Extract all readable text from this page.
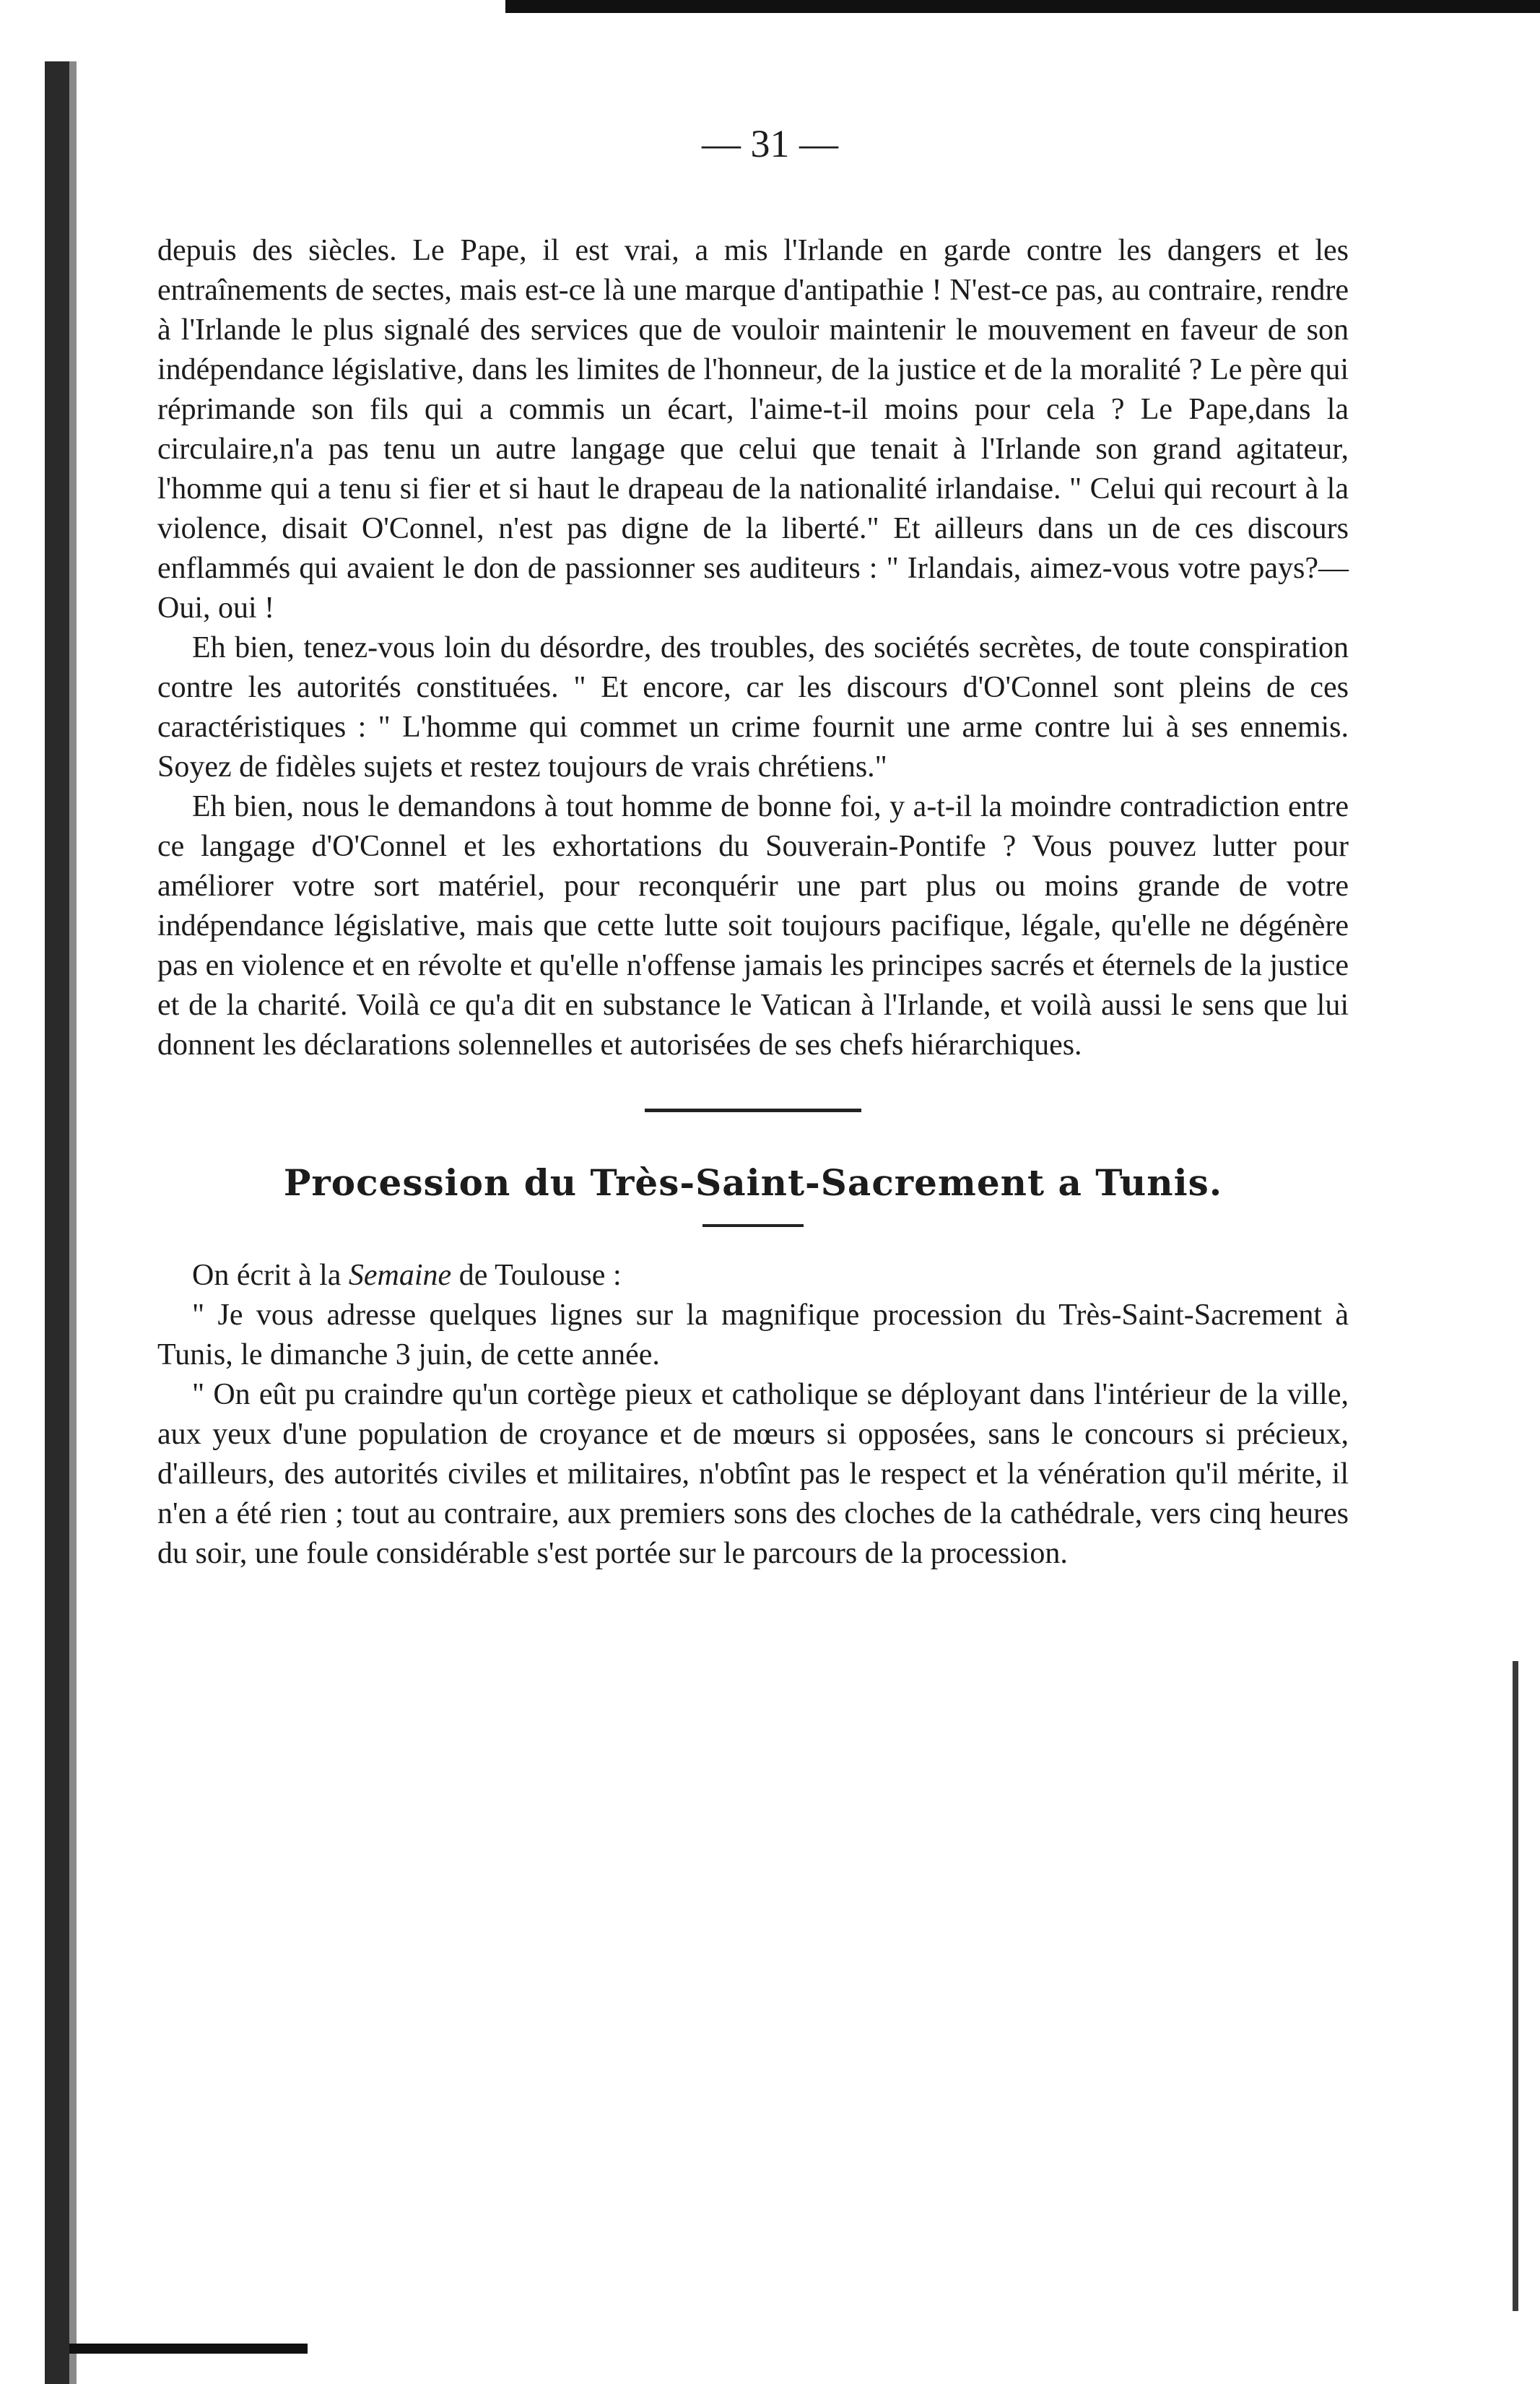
— 31 —

depuis des siècles. Le Pape, il est vrai, a mis l'Irlande en garde contre les dangers et les entraînements de sectes, mais est-ce là une marque d'antipathie ! N'est-ce pas, au contraire, rendre à l'Irlande le plus signalé des services que de vouloir maintenir le mouvement en faveur de son indépendance législative, dans les limites de l'honneur, de la justice et de la moralité ? Le père qui réprimande son fils qui a commis un écart, l'aime-t-il moins pour cela ? Le Pape,dans la circulaire,n'a pas tenu un autre langage que celui que tenait à l'Irlande son grand agitateur, l'homme qui a tenu si fier et si haut le drapeau de la nationalité irlandaise. " Celui qui recourt à la violence, disait O'Connel, n'est pas digne de la liberté." Et ailleurs dans un de ces discours enflammés qui avaient le don de passionner ses auditeurs : " Irlandais, aimez-vous votre pays?—Oui, oui !

Eh bien, tenez-vous loin du désordre, des troubles, des sociétés secrètes, de toute conspiration contre les autorités constituées. " Et encore, car les discours d'O'Connel sont pleins de ces caractéristiques : " L'homme qui commet un crime fournit une arme contre lui à ses ennemis. Soyez de fidèles sujets et restez toujours de vrais chrétiens."

Eh bien, nous le demandons à tout homme de bonne foi, y a-t-il la moindre contradiction entre ce langage d'O'Connel et les exhortations du Souverain-Pontife ? Vous pouvez lutter pour améliorer votre sort matériel, pour reconquérir une part plus ou moins grande de votre indépendance législative, mais que cette lutte soit toujours pacifique, légale, qu'elle ne dégénère pas en violence et en révolte et qu'elle n'offense jamais les principes sacrés et éternels de la justice et de la charité. Voilà ce qu'a dit en substance le Vatican à l'Irlande, et voilà aussi le sens que lui donnent les déclarations solennelles et autorisées de ses chefs hiérarchiques.

Procession du Très-Saint-Sacrement a Tunis.

On écrit à la Semaine de Toulouse :

" Je vous adresse quelques lignes sur la magnifique procession du Très-Saint-Sacrement à Tunis, le dimanche 3 juin, de cette année.

" On eût pu craindre qu'un cortège pieux et catholique se déployant dans l'intérieur de la ville, aux yeux d'une population de croyance et de mœurs si opposées, sans le concours si précieux, d'ailleurs, des autorités civiles et militaires, n'obtînt pas le respect et la vénération qu'il mérite, il n'en a été rien ; tout au contraire, aux premiers sons des cloches de la cathédrale, vers cinq heures du soir, une foule considérable s'est portée sur le parcours de la procession.
